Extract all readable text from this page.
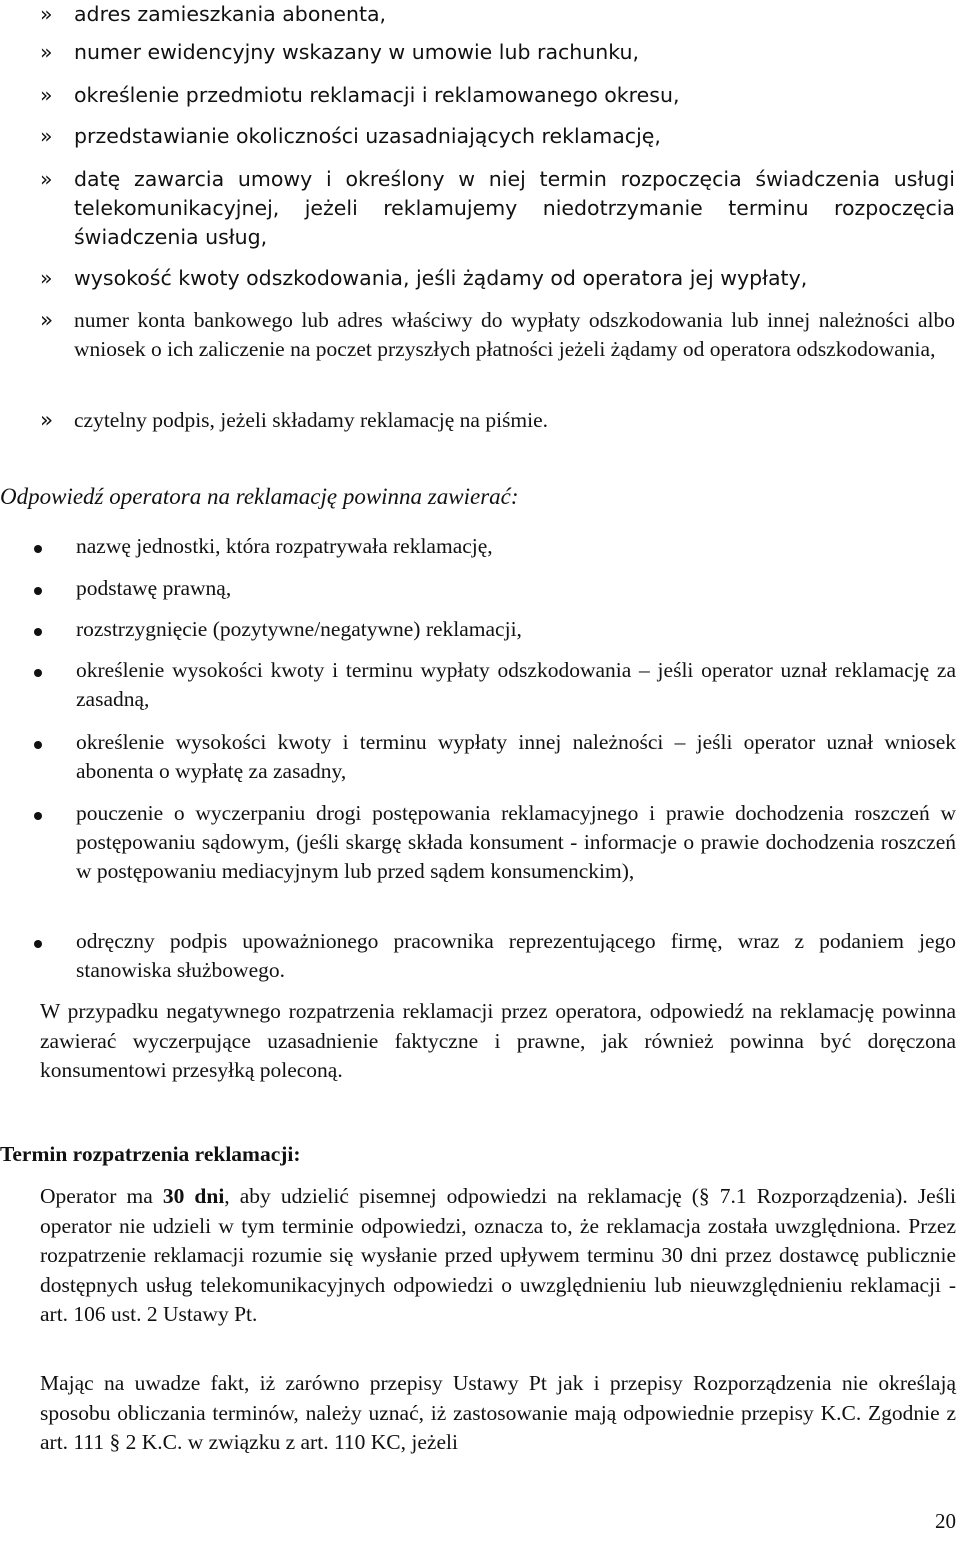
»	adres zamieszkania abonenta,
»	numer ewidencyjny wskazany w umowie lub rachunku,
»	określenie przedmiotu reklamacji i reklamowanego okresu,
»	przedstawianie okoliczności uzasadniających reklamację,
»	datę zawarcia umowy i określony w niej termin rozpoczęcia świadczenia usługi telekomunikacyjnej, jeżeli reklamujemy niedotrzymanie terminu rozpoczęcia świadczenia usług,
»	wysokość kwoty odszkodowania, jeśli żądamy od operatora jej wypłaty,
» numer konta bankowego lub adres właściwy do wypłaty odszkodowania lub innej należności albo wniosek o ich zaliczenie na poczet przyszłych płatności jeżeli żądamy od operatora odszkodowania,
» czytelny podpis, jeżeli składamy reklamację na piśmie.
Odpowiedź operatora na reklamację powinna zawierać:
nazwę jednostki, która rozpatrywała reklamację,
podstawę prawną,
rozstrzygnięcie (pozytywne/negatywne) reklamacji,
określenie wysokości kwoty i terminu wypłaty odszkodowania – jeśli operator uznał reklamację za zasadną,
określenie wysokości kwoty i terminu wypłaty innej należności – jeśli operator uznał wniosek abonenta o wypłatę za zasadny,
pouczenie o wyczerpaniu drogi postępowania reklamacyjnego i prawie dochodzenia roszczeń w postępowaniu sądowym, (jeśli skargę składa konsument - informacje o prawie dochodzenia roszczeń w postępowaniu mediacyjnym lub przed sądem konsumenckim),
odręczny podpis upoważnionego pracownika reprezentującego firmę, wraz z podaniem jego stanowiska służbowego.
W przypadku negatywnego rozpatrzenia reklamacji przez operatora, odpowiedź na reklamację powinna zawierać wyczerpujące uzasadnienie faktyczne i prawne, jak również powinna być doręczona konsumentowi przesyłką poleconą.
Termin rozpatrzenia reklamacji:
Operator ma 30 dni, aby udzielić pisemnej odpowiedzi na reklamację (§ 7.1 Rozporządzenia). Jeśli operator nie udzieli w tym terminie odpowiedzi, oznacza to, że reklamacja została uwzględniona. Przez rozpatrzenie reklamacji rozumie się wysłanie przed upływem terminu 30 dni przez dostawcę publicznie dostępnych usług telekomunikacyjnych odpowiedzi o uwzględnieniu lub nieuwzględnieniu reklamacji - art. 106 ust. 2 Ustawy Pt.
Mając na uwadze fakt, iż zarówno przepisy Ustawy Pt jak i przepisy Rozporządzenia nie określają sposobu obliczania terminów, należy uznać, iż zastosowanie mają odpowiednie przepisy K.C. Zgodnie z art. 111 § 2 K.C. w związku z art. 110 KC, jeżeli
20
